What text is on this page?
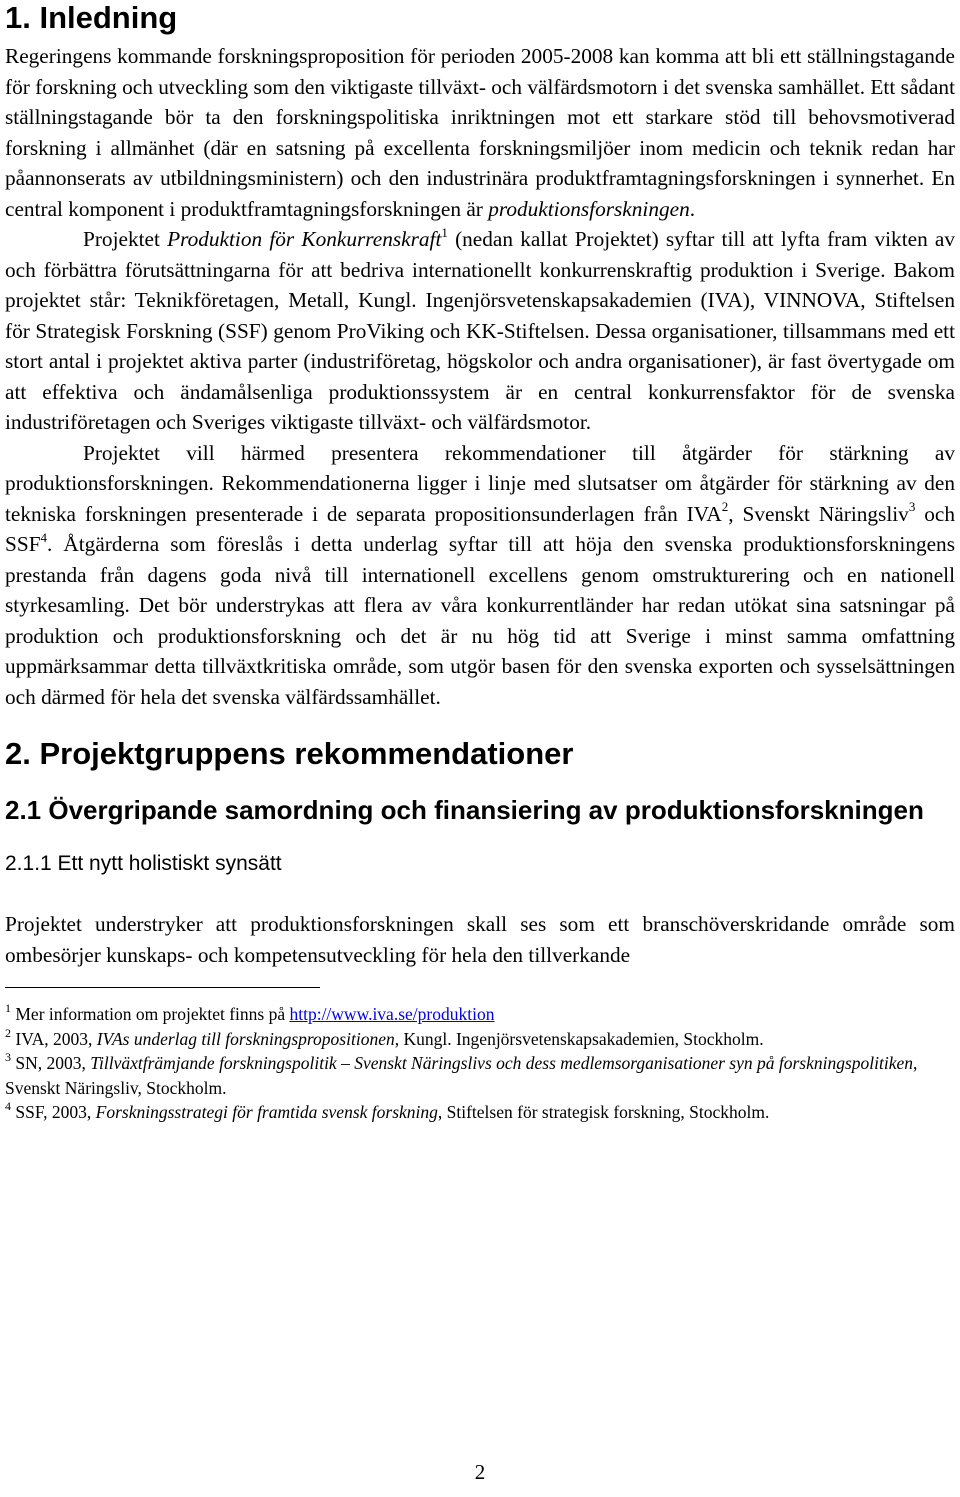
1. Inledning

Regeringens kommande forskningsproposition för perioden 2005-2008 kan komma att bli ett ställningstagande för forskning och utveckling som den viktigaste tillväxt- och välfärdsmotorn i det svenska samhället. Ett sådant ställningstagande bör ta den forskningspolitiska inriktningen mot ett starkare stöd till behovsmotiverad forskning i allmänhet (där en satsning på excellenta forskningsmiljöer inom medicin och teknik redan har påannonserats av utbildningsministern) och den industrinära produktframtagningsforskningen i synnerhet. En central komponent i produktframtagningsforskningen är produktionsforskningen.

Projektet Produktion för Konkurrenskraft$^1$ (nedan kallat Projektet) syftar till att lyfta fram vikten av och förbättra förutsättningarna för att bedriva internationellt konkurrenskraftig produktion i Sverige. Bakom projektet står: Teknikföretagen, Metall, Kungl. Ingenjörsvetenskapsakademien (IVA), VINNOVA, Stiftelsen för Strategisk Forskning (SSF) genom ProViking och KK-Stiftelsen. Dessa organisationer, tillsammans med ett stort antal i projektet aktiva parter (industriföretag, högskolor och andra organisationer), är fast övertygade om att effektiva och ändamålsenliga produktionssystem är en central konkurrensfaktor för de svenska industriföretagen och Sveriges viktigaste tillväxt- och välfärdsmotor.

Projektet vill härmed presentera rekommendationer till åtgärder för stärkning av produktionsforskningen. Rekommendationerna ligger i linje med slutsatser om åtgärder för stärkning av den tekniska forskningen presenterade i de separata propositionsunderlagen från IVA$^2$, Svenskt Näringsliv$^3$ och SSF$^4$. Åtgärderna som föreslås i detta underlag syftar till att höja den svenska produktionsforskningens prestanda från dagens goda nivå till internationell excellens genom omstrukturering och en nationell styrkesamling. Det bör understrykas att flera av våra konkurrentländer har redan utökat sina satsningar på produktion och produktionsforskning och det är nu hög tid att Sverige i minst samma omfattning uppmärksammar detta tillväxtkritiska område, som utgör basen för den svenska exporten och sysselsättningen och därmed för hela det svenska välfärdssamhället.

2. Projektgruppens rekommendationer
2.1 Övergripande samordning och finansiering av produktionsforskningen
2.1.1 Ett nytt holistiskt synsätt

Projektet understryker att produktionsforskningen skall ses som ett branschöverskridande område som ombesörjer kunskaps- och kompetensutveckling för hela den tillverkande

$^1$ Mer information om projektet finns på http://www.iva.se/produktion

$^2$ IVA, 2003, IVAs underlag till forskningspropositionen, Kungl. Ingenjörsvetenskapsakademien, Stockholm.

$^3$ SN, 2003, Tillväxtfrämjande forskningspolitik – Svenskt Näringslivs och dess medlemsorganisationer syn på forskningspolitiken, Svenskt Näringsliv, Stockholm.

$^4$ SSF, 2003, Forskningsstrategi för framtida svensk forskning, Stiftelsen för strategisk forskning, Stockholm.

2
